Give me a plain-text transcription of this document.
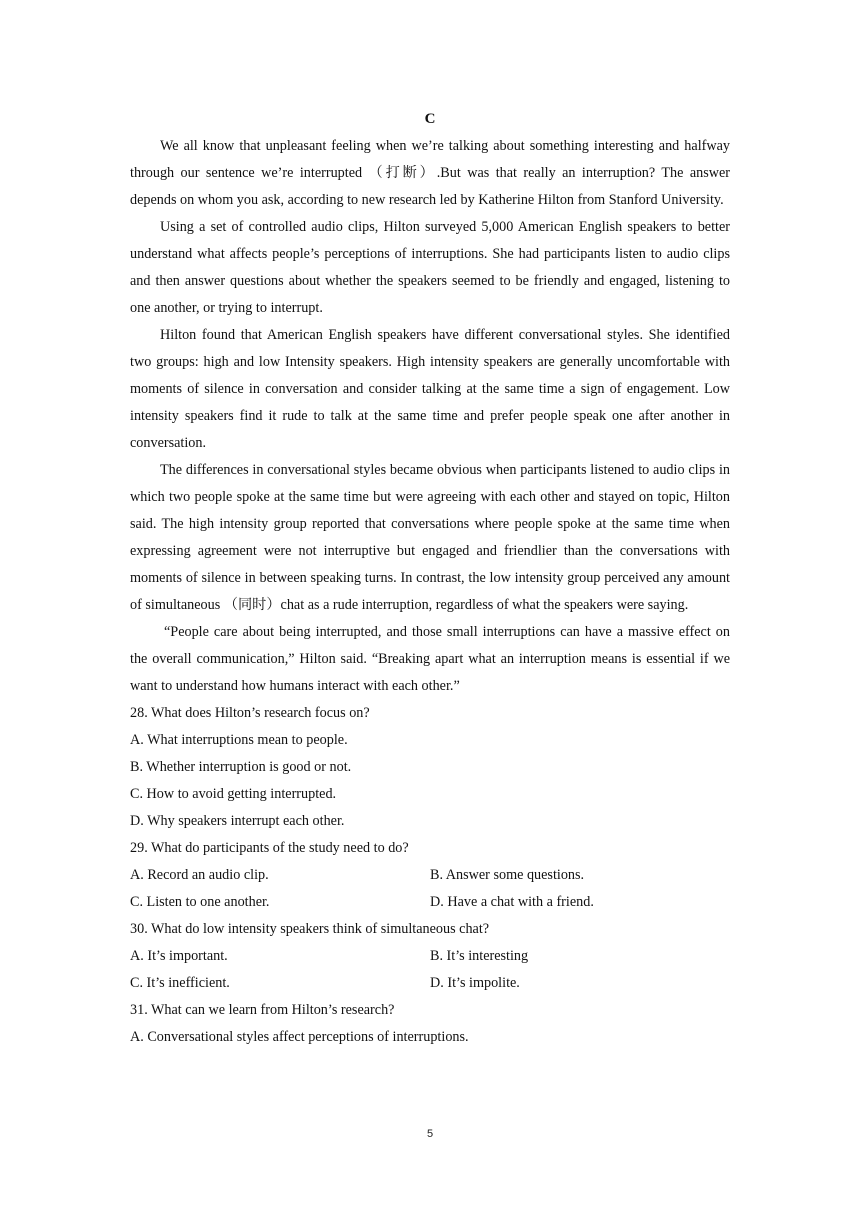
C

We all know that unpleasant feeling when we’re talking about something interesting and halfway through our sentence we’re interrupted （打断）.But was that really an interruption? The answer depends on whom you ask, according to new research led by Katherine Hilton from Stanford University.

Using a set of controlled audio clips, Hilton surveyed 5,000 American English speakers to better understand what affects people’s perceptions of interruptions. She had participants listen to audio clips and then answer questions about whether the speakers seemed to be friendly and engaged, listening to one another, or trying to interrupt.

Hilton found that American English speakers have different conversational styles. She identified two groups: high and low Intensity speakers. High intensity speakers are generally uncomfortable with moments of silence in conversation and consider talking at the same time a sign of engagement. Low intensity speakers find it rude to talk at the same time and prefer people speak one after another in conversation.

The differences in conversational styles became obvious when participants listened to audio clips in which two people spoke at the same time but were agreeing with each other and stayed on topic, Hilton said. The high intensity group reported that conversations where people spoke at the same time when expressing agreement were not interruptive but engaged and friendlier than the conversations with moments of silence in between speaking turns. In contrast, the low intensity group perceived any amount of simultaneous （同时）chat as a rude interruption, regardless of what the speakers were saying.

“People care about being interrupted, and those small interruptions can have a massive effect on the overall communication,” Hilton said. “Breaking apart what an interruption means is essential if we want to understand how humans interact with each other.”

28. What does Hilton’s research focus on?
A. What interruptions mean to people.
B. Whether interruption is good or not.
C. How to avoid getting interrupted.
D. Why speakers interrupt each other.
29. What do participants of the study need to do?
A. Record an audio clip.	B. Answer some questions.
C. Listen to one another.	D. Have a chat with a friend.
30. What do low intensity speakers think of simultaneous chat?
A. It’s important.	B. It’s interesting
C. It’s inefficient.	D. It’s impolite.
31. What can we learn from Hilton’s research?
A. Conversational styles affect perceptions of interruptions.
5
